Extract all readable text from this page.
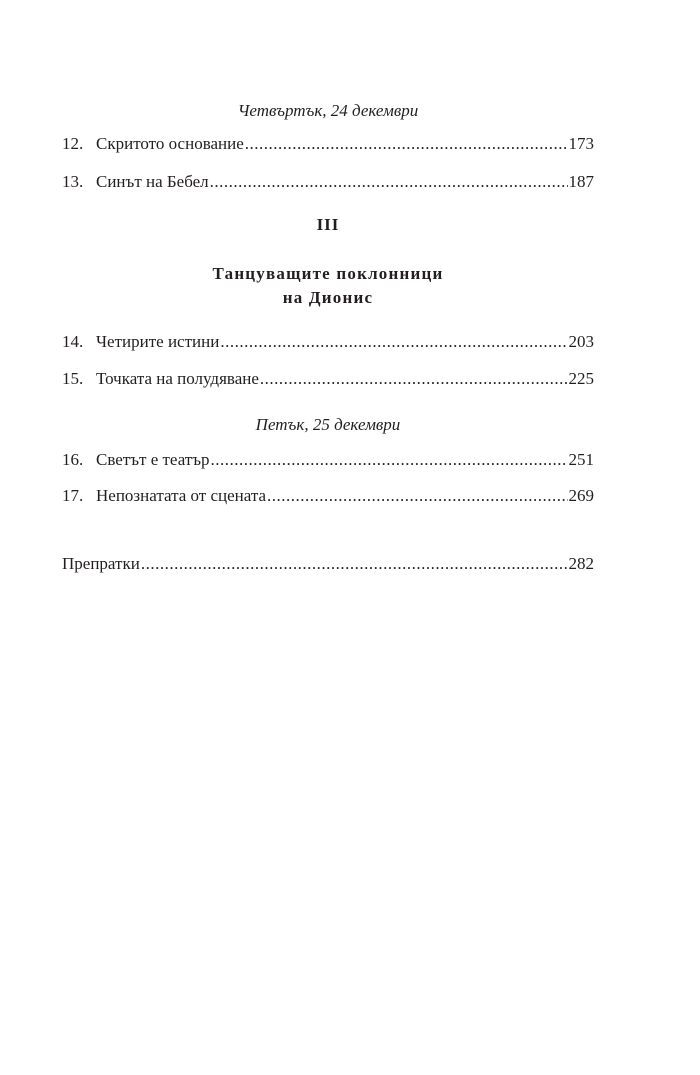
Четвъртък, 24 декември
12. Скритото основание .....	173
13. Синът на Бебел .....	187
III
Танцуващите поклонници
на Дионис
14. Четирите истини .....	203
15. Точката на полудяване .....	225
Петък, 25 декември
16. Светът е театър .....	251
17. Непознатата от сцената .....	269
Препратки .....	282
